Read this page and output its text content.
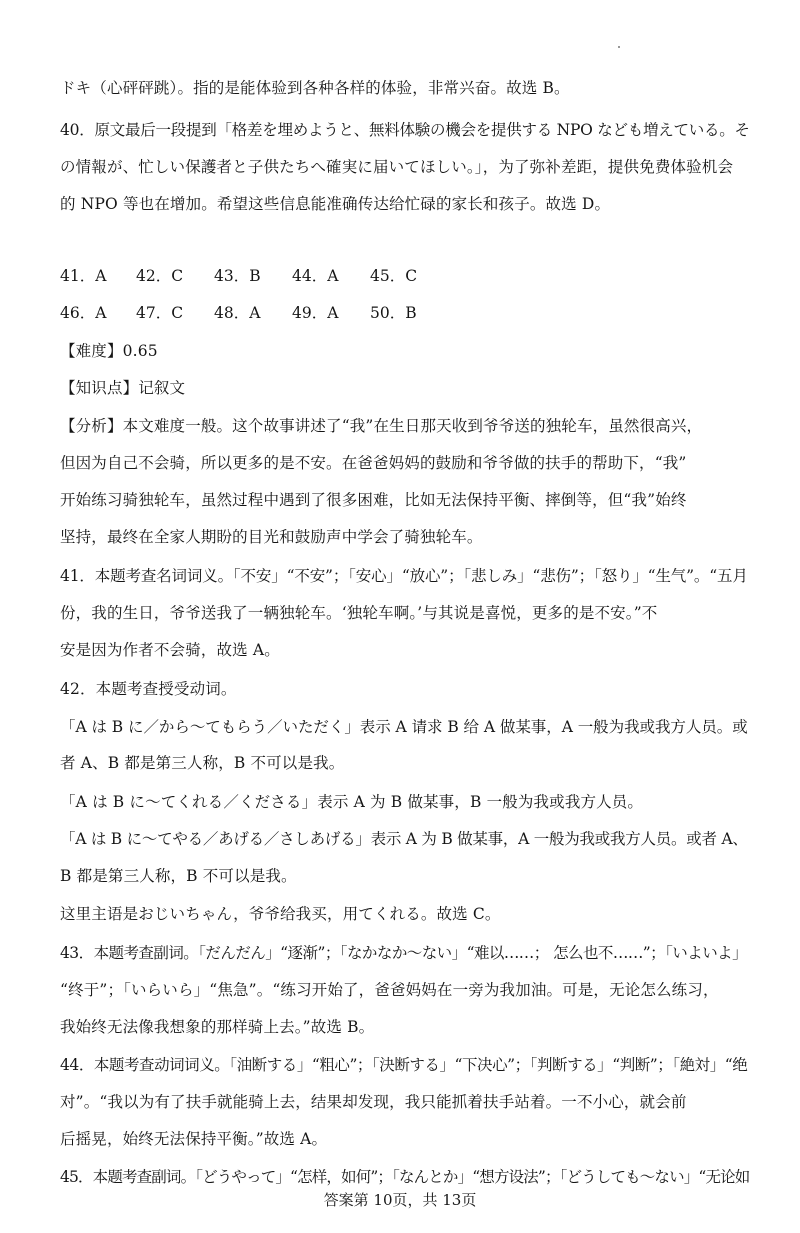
ドキ（心砰砰跳）。指的是能体验到各种各样的体验，非常兴奋。故选 B。
40．原文最后一段提到「格差を埋めようと、無料体験の機会を提供する NPO なども増えている。そ
の情報が、忙しい保護者と子供たちへ確実に届いてほしい。」，为了弥补差距，提供免费体验机会
的 NPO 等也在增加。希望这些信息能准确传达给忙碌的家长和孩子。故选 D。
41．A 42．C 43．B 44．A 45．C
46．A 47．C 48．A 49．A 50．B
【难度】0.65
【知识点】记叙文
【分析】本文难度一般。这个故事讲述了“我”在生日那天收到爷爷送的独轮车，虽然很高兴，
但因为自己不会骑，所以更多的是不安。在爸爸妈妈的鼓励和爷爷做的扶手的帮助下，“我”
开始练习骑独轮车，虽然过程中遇到了很多困难，比如无法保持平衡、摔倒等，但“我”始终
坚持，最终在全家人期盼的目光和鼓励声中学会了骑独轮车。
41．本题考查名词词义。「不安」“不安”；「安心」“放心”；「悲しみ」“悲伤”；「怒り」“生气”。“五月
份，我的生日，爷爷送我了一辆独轮车。‘独轮车啊。’与其说是喜悦，更多的是不安。”不
安是因为作者不会骑，故选 A。
42．本题考查授受动词。
「A は B に／から～てもらう／いただく」表示 A 请求 B 给 A 做某事，A 一般为我或我方人员。或
者 A、B 都是第三人称，B 不可以是我。
「A は B に～てくれる／くださる」表示 A 为 B 做某事，B 一般为我或我方人员。
「A は B に～てやる／あげる／さしあげる」表示 A 为 B 做某事，A 一般为我或我方人员。或者 A、
B 都是第三人称，B 不可以是我。
这里主语是おじいちゃん，爷爷给我买，用てくれる。故选 C。
43．本题考查副词。「だんだん」“逐渐”；「なかなか～ない」“难以……； 怎么也不……”；「いよいよ」
“终于”；「いらいら」“焦急”。“练习开始了，爸爸妈妈在一旁为我加油。可是，无论怎么练习，
我始终无法像我想象的那样骑上去。”故选 B。
44．本题考查动词词义。「油断する」“粗心”；「決断する」“下决心”；「判断する」“判断”；「絶対」“绝
对”。“我以为有了扶手就能骑上去，结果却发现，我只能抓着扶手站着。一不小心，就会前
后摇晃，始终无法保持平衡。”故选 A。
45．本题考查副词。「どうやって」“怎样，如何”；「なんとか」“想方设法”；「どうしても～ない」“无论如
答案第 10页，共 13页
